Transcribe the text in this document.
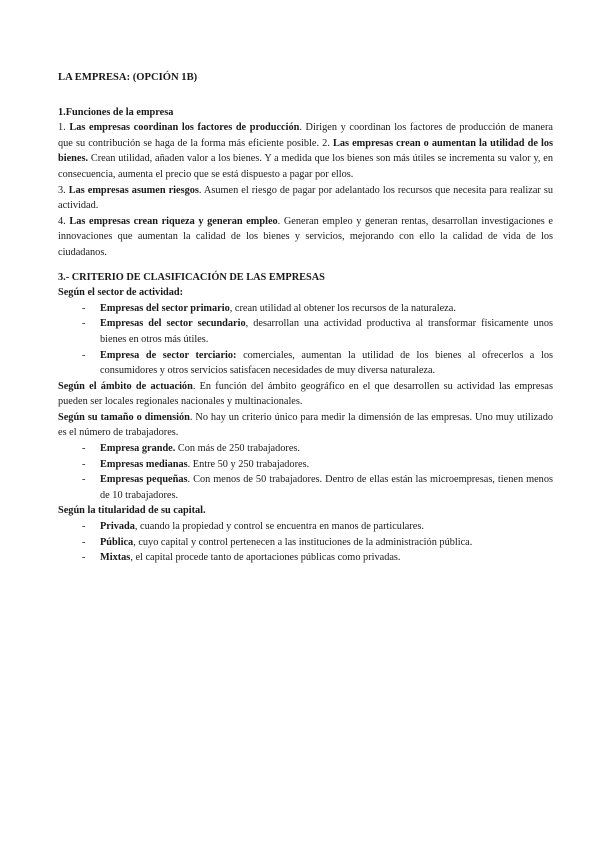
LA EMPRESA: (OPCIÓN 1B)
1.Funciones de la empresa

1. Las empresas coordinan los factores de producción. Dirigen y coordinan los factores de producción de manera que su contribución se haga de la forma más eficiente posible. 2. Las empresas crean o aumentan la utilidad de los bienes. Crean utilidad, añaden valor a los bienes. Y a medida que los bienes son más útiles se incrementa su valor y, en consecuencia, aumenta el precio que se está dispuesto a pagar por ellos.

3. Las empresas asumen riesgos. Asumen el riesgo de pagar por adelantado los recursos que necesita para realizar su actividad.

4. Las empresas crean riqueza y generan empleo. Generan empleo y generan rentas, desarrollan investigaciones e innovaciones que aumentan la calidad de los bienes y servicios, mejorando con ello la calidad de vida de los ciudadanos.

3.- CRITERIO DE CLASIFICACIÓN DE LAS EMPRESAS
Según el sector de actividad:
- Empresas del sector primario, crean utilidad al obtener los recursos de la naturaleza.
- Empresas del sector secundario, desarrollan una actividad productiva al transformar físicamente unos bienes en otros más útiles.
- Empresa de sector terciario: comerciales, aumentan la utilidad de los bienes al ofrecerlos a los consumidores y otros servicios satisfacen necesidades de muy diversa naturaleza.

Según el ámbito de actuación. En función del ámbito geográfico en el que desarrollen su actividad las empresas pueden ser locales regionales nacionales y multinacionales.

Según su tamaño o dimensión. No hay un criterio único para medir la dimensión de las empresas. Uno muy utilizado es el número de trabajadores.

- Empresa grande. Con más de 250 trabajadores.
- Empresas medianas. Entre 50 y 250 trabajadores.
- Empresas pequeñas. Con menos de 50 trabajadores. Dentro de ellas están las microempresas, tienen menos de 10 trabajadores.
Según la titularidad de su capital.
- Privada, cuando la propiedad y control se encuentra en manos de particulares.
- Pública, cuyo capital y control pertenecen a las instituciones de la administración pública.
- Mixtas, el capital procede tanto de aportaciones públicas como privadas.
